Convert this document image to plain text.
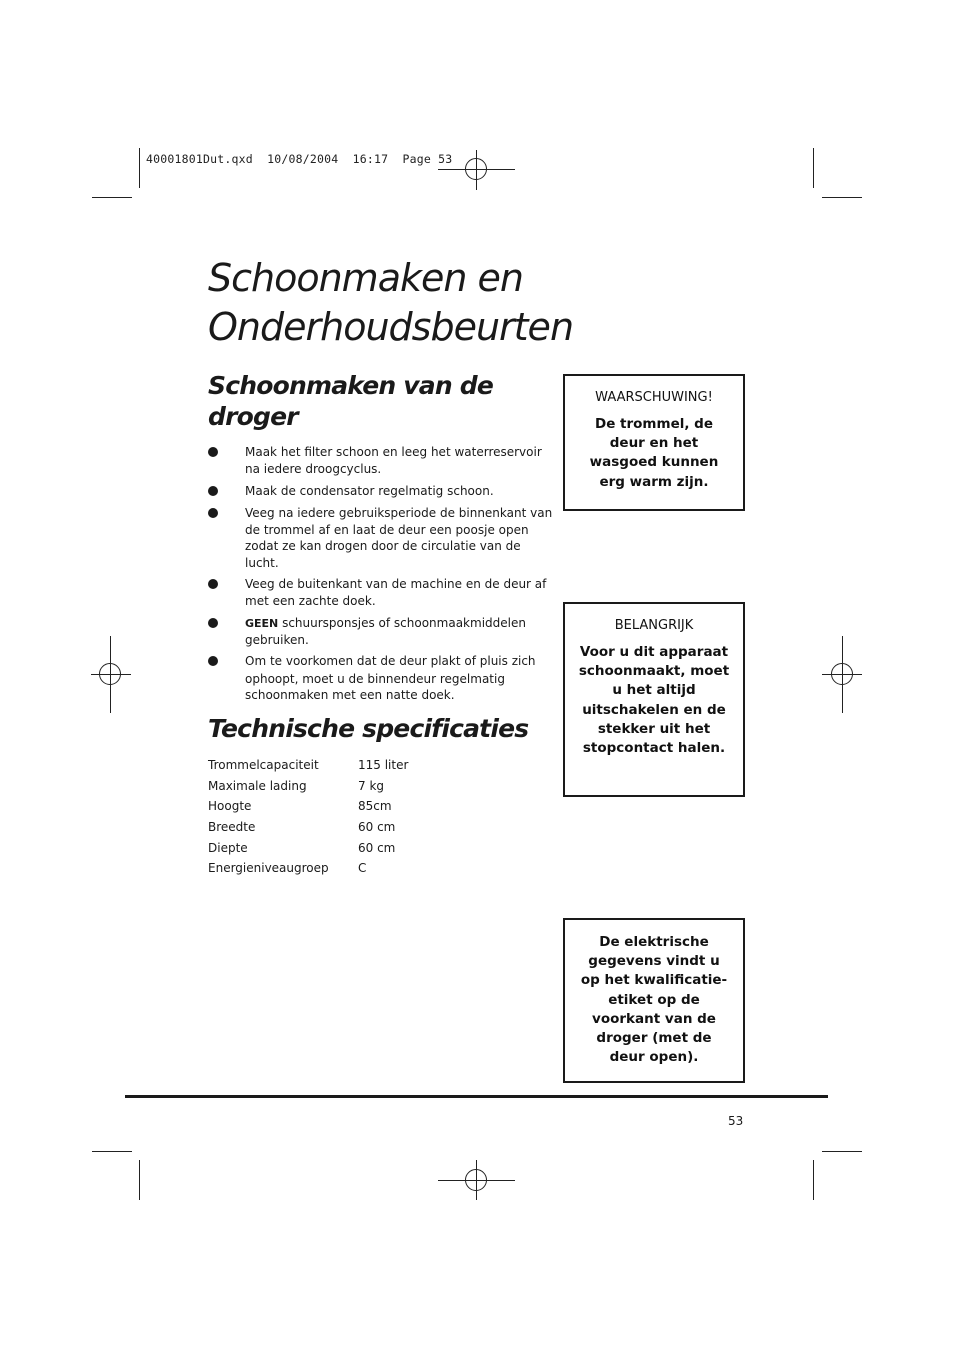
40001801Dut.qxd  10/08/2004  16:17  Page 53
Schoonmaken en
Onderhoudsbeurten
Schoonmaken van de
droger
Maak het filter schoon en leeg het waterreservoir na iedere droogcyclus.
Maak de condensator regelmatig schoon.
Veeg na iedere gebruiksperiode de binnenkant van de trommel af en laat de deur een poosje open zodat ze kan drogen door de circulatie van de lucht.
Veeg de buitenkant van de machine en de deur af met een zachte doek.
GEEN schuursponsjes of schoonmaakmiddelen gebruiken.
Om te voorkomen dat de deur plakt of pluis zich ophoopt, moet u de binnendeur regelmatig schoonmaken met een natte doek.
Technische specificaties
Trommelcapaciteit	115 liter
Maximale lading	7 kg
Hoogte	85cm
Breedte	60 cm
Diepte	60 cm
Energieniveaugroep	C

WAARSCHUWING!

De trommel, de deur en het wasgoed kunnen erg warm zijn.

BELANGRIJK

Voor u dit apparaat schoonmaakt, moet u het altijd uitschakelen en de stekker uit het stopcontact halen.

De elektrische gegevens vindt u op het kwalificatie-etiket op de voorkant van de droger (met de deur open).

53
